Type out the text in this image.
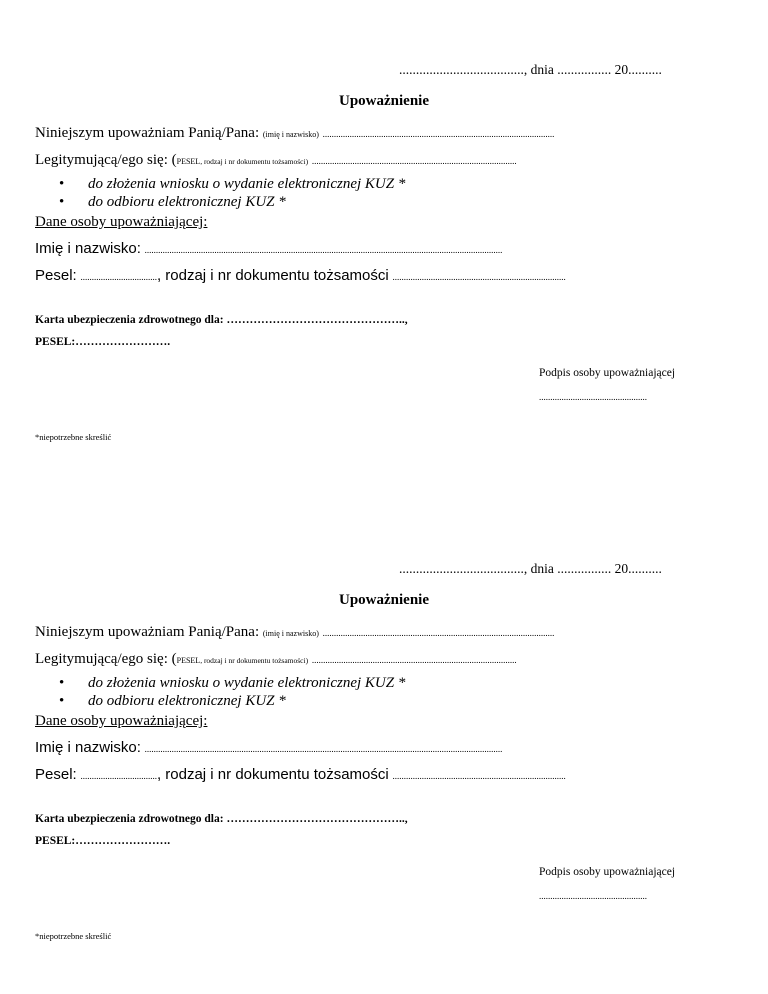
....................................., dnia ................ 20..........
Upoważnienie
Niniejszym upoważniam Panią/Pana: (imię i nazwisko) .......................................................................................................
Legitymującą/ego się: (PESEL, rodzaj i nr dokumentu tożsamości) ...........................................................................................
• do złożenia wniosku o wydanie elektronicznej KUZ *
• do odbioru elektronicznej KUZ *
Dane osoby upoważniającej:
Imię i nazwisko: ...............................................................................................................................................................
Pesel: .................................., rodzaj i nr dokumentu tożsamości .............................................................................
Karta ubezpieczenia zdrowotnego dla: ………………………………………..,
PESEL:…………………….
Podpis osoby upoważniającej
................................................
*niepotrzebne skreślić
....................................., dnia ................ 20..........
Upoważnienie
Niniejszym upoważniam Panią/Pana: (imię i nazwisko) .......................................................................................................
Legitymującą/ego się: (PESEL, rodzaj i nr dokumentu tożsamości) ...........................................................................................
• do złożenia wniosku o wydanie elektronicznej KUZ *
• do odbioru elektronicznej KUZ *
Dane osoby upoważniającej:
Imię i nazwisko: ...............................................................................................................................................................
Pesel: .................................., rodzaj i nr dokumentu tożsamości .............................................................................
Karta ubezpieczenia zdrowotnego dla: ………………………………………..,
PESEL:…………………….
Podpis osoby upoważniającej
................................................
*niepotrzebne skreślić
